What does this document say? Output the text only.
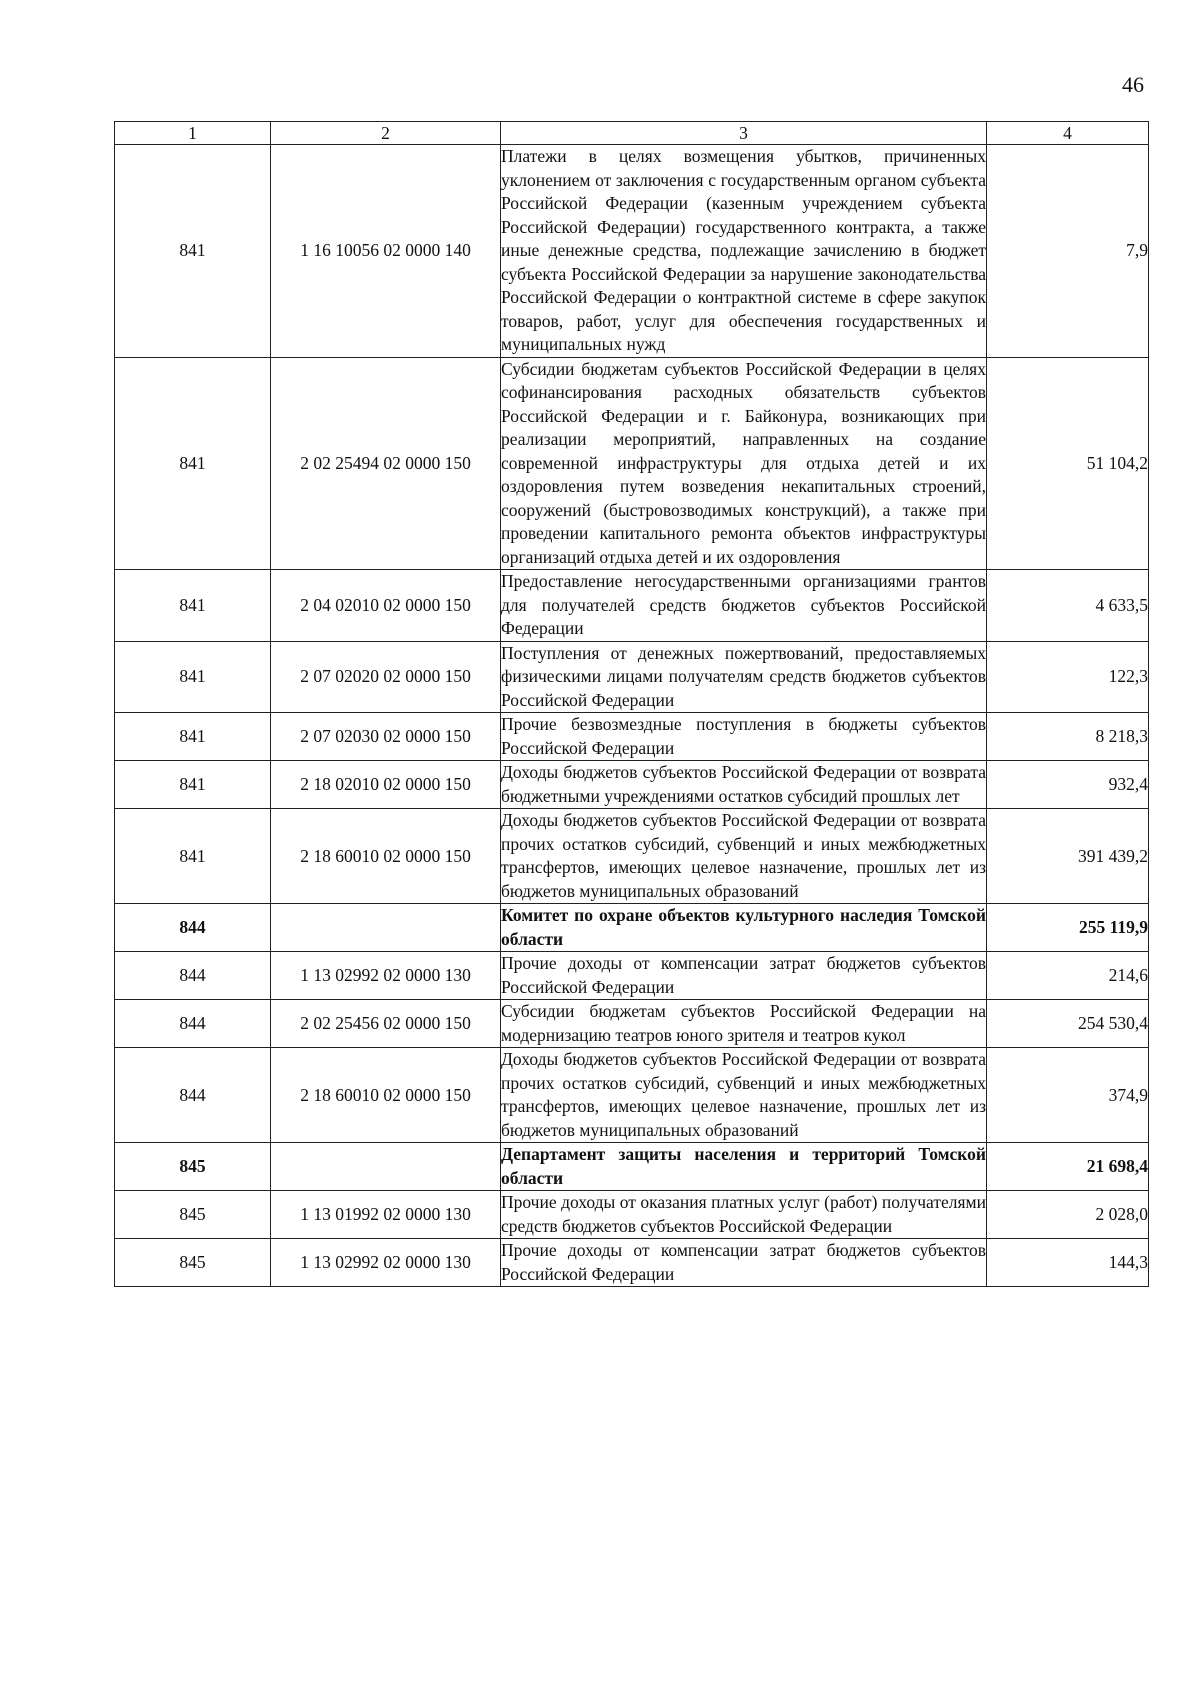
46
1	2	3	4
841	1 16 10056 02 0000 140	Платежи в целях возмещения убытков, причиненных уклонением от заключения с государственным органом субъекта Российской Федерации (казенным учреждением субъекта Российской Федерации) государственного контракта, а также иные денежные средства, подлежащие зачислению в бюджет субъекта Российской Федерации за нарушение законодательства Российской Федерации о контрактной системе в сфере закупок товаров, работ, услуг для обеспечения государственных и муниципальных нужд	7,9
841	2 02 25494 02 0000 150	Субсидии бюджетам субъектов Российской Федерации в целях софинансирования расходных обязательств субъектов Российской Федерации и г. Байконура, возникающих при реализации мероприятий, направленных на создание современной инфраструктуры для отдыха детей и их оздоровления путем возведения некапитальных строений, сооружений (быстровозводимых конструкций), а также при проведении капитального ремонта объектов инфраструктуры организаций отдыха детей и их оздоровления	51 104,2
841	2 04 02010 02 0000 150	Предоставление негосударственными организациями грантов для получателей средств бюджетов субъектов Российской Федерации	4 633,5
841	2 07 02020 02 0000 150	Поступления от денежных пожертвований, предоставляемых физическими лицами получателям средств бюджетов субъектов Российской Федерации	122,3
841	2 07 02030 02 0000 150	Прочие безвозмездные поступления в бюджеты субъектов Российской Федерации	8 218,3
841	2 18 02010 02 0000 150	Доходы бюджетов субъектов Российской Федерации от возврата бюджетными учреждениями остатков субсидий прошлых лет	932,4
841	2 18 60010 02 0000 150	Доходы бюджетов субъектов Российской Федерации от возврата прочих остатков субсидий, субвенций и иных межбюджетных трансфертов, имеющих целевое назначение, прошлых лет из бюджетов муниципальных образований	391 439,2
844		Комитет по охране объектов культурного наследия Томской области	255 119,9
844	1 13 02992 02 0000 130	Прочие доходы от компенсации затрат бюджетов субъектов Российской Федерации	214,6
844	2 02 25456 02 0000 150	Субсидии бюджетам субъектов Российской Федерации на модернизацию театров юного зрителя и театров кукол	254 530,4
844	2 18 60010 02 0000 150	Доходы бюджетов субъектов Российской Федерации от возврата прочих остатков субсидий, субвенций и иных межбюджетных трансфертов, имеющих целевое назначение, прошлых лет из бюджетов муниципальных образований	374,9
845		Департамент защиты населения и территорий Томской области	21 698,4
845	1 13 01992 02 0000 130	Прочие доходы от оказания платных услуг (работ) получателями средств бюджетов субъектов Российской Федерации	2 028,0
845	1 13 02992 02 0000 130	Прочие доходы от компенсации затрат бюджетов субъектов Российской Федерации	144,3
